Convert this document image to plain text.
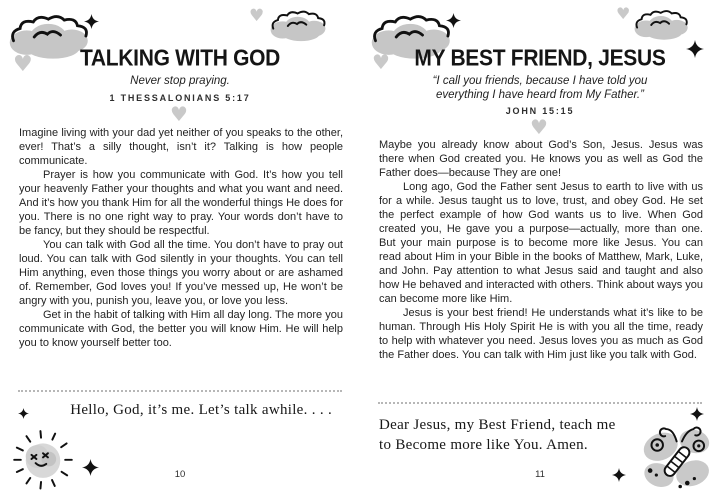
♥
♥
TALKING WITH GOD
Never stop praying.
1 THESSALONIANS 5:17
♥

Imagine living with your dad yet neither of you speaks to the other, ever! That’s a silly thought, isn’t it? Talking is how people communicate.

Prayer is how you communicate with God. It’s how you tell your heavenly Father your thoughts and what you want and need. And it’s how you thank Him for all the wonderful things He does for you. There is no one right way to pray. Your words don’t have to be fancy, but they should be respectful.

You can talk with God all the time. You don’t have to pray out loud. You can talk with God silently in your thoughts. You can tell Him anything, even those things you worry about or are ashamed of. Remember, God loves you! If you’ve messed up, He won’t be angry with you, punish you, leave you, or love you less.

Get in the habit of talking with Him all day long. The more you communicate with God, the better you will know Him. He will help you to know yourself better too.

Hello, God, it’s me. Let’s talk awhile. . . .
10
♥
♥
MY BEST FRIEND, JESUS
“I call you friends, because I have told you
everything I have heard from My Father.”
JOHN 15:15
♥

Maybe you already know about God’s Son, Jesus. Jesus was there when God created you. He knows you as well as God the Father does—because They are one!

Long ago, God the Father sent Jesus to earth to live with us for a while. Jesus taught us to love, trust, and obey God. He set the perfect example of how God wants us to live. When God created you, He gave you a purpose—actually, more than one. But your main purpose is to become more like Jesus. You can read about Him in your Bible in the books of Matthew, Mark, Luke, and John. Pay attention to what Jesus said and taught and also how He behaved and interacted with others. Think about ways you can become more like Him.

Jesus is your best friend! He understands what it’s like to be human. Through His Holy Spirit He is with you all the time, ready to help with whatever you need. Jesus loves you as much as God the Father does. You can talk with Him just like you talk with God.

Dear Jesus, my Best Friend, teach me
to Become more like You. Amen.
11
